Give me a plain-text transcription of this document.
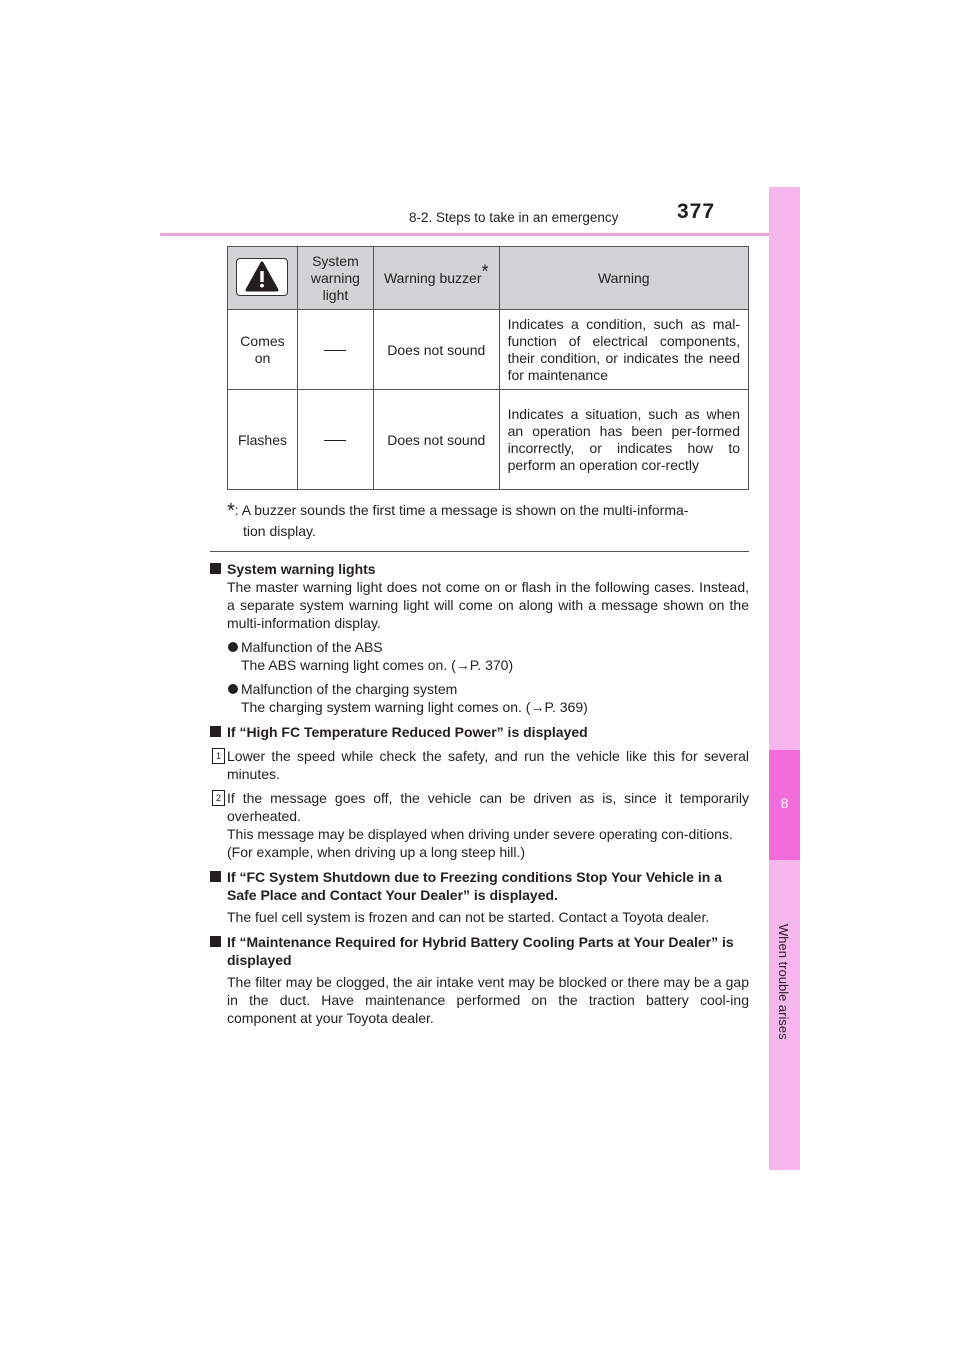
8-2. Steps to take in an emergency	377
8
When trouble arises
	System warning light	Warning buzzer*	Warning
Comes on		Does not sound	Indicates a condition, such as mal-function of electrical components, their condition, or indicates the need for maintenance
Flashes		Does not sound	Indicates a situation, such as when an operation has been per-formed incorrectly, or indicates how to perform an operation cor-rectly
*: A buzzer sounds the first time a message is shown on the multi-informa-
tion display.
System warning lights

The master warning light does not come on or flash in the following cases. Instead, a separate system warning light will come on along with a message shown on the multi-information display.

Malfunction of the ABS
The ABS warning light comes on. (→P. 370)
Malfunction of the charging system
The charging system warning light comes on. (→P. 369)
If “High FC Temperature Reduced Power” is displayed
1 Lower the speed while check the safety, and run the vehicle like this for several minutes.
2 If the message goes off, the vehicle can be driven as is, since it temporarily overheated.
This message may be displayed when driving under severe operating con-ditions.
(For example, when driving up a long steep hill.)
If “FC System Shutdown due to Freezing conditions Stop Your Vehicle in a Safe Place and Contact Your Dealer” is displayed.

The fuel cell system is frozen and can not be started. Contact a Toyota dealer.

If “Maintenance Required for Hybrid Battery Cooling Parts at Your Dealer” is displayed

The filter may be clogged, the air intake vent may be blocked or there may be a gap in the duct. Have maintenance performed on the traction battery cool-ing component at your Toyota dealer.
